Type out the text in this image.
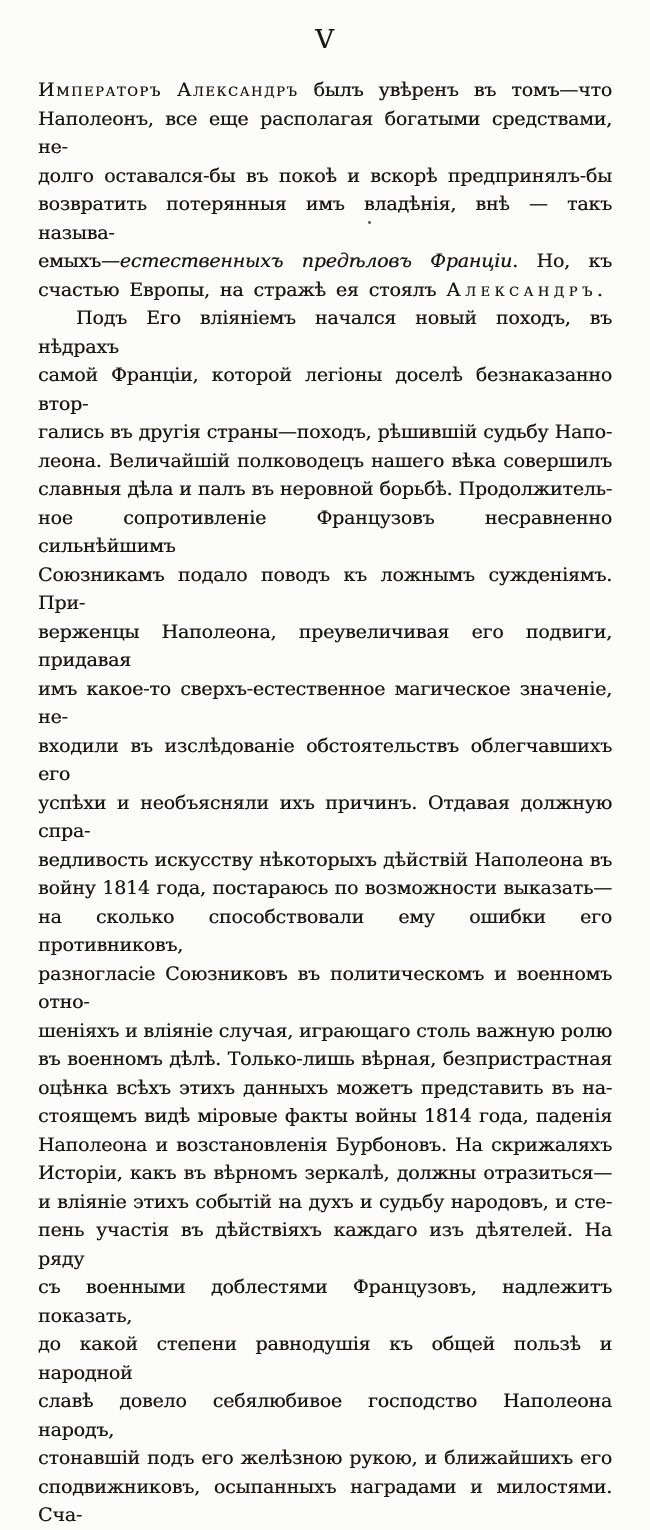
V
Императоръ Александръ былъ увѣренъ въ томъ—что
Наполеонъ, все еще располагая богатыми средствами, не-
долго оставался-бы въ покоѣ и вскорѣ предпринялъ-бы
возвратить потерянныя имъ владѣнія, внѣ — такъ называ-
емыхъ—естественныхъ предѣловъ Франціи. Но, къ
счастью Европы, на стражѣ ея стоялъ Александръ.
Подъ Его вліяніемъ начался новый походъ, въ нѣдрахъ
самой Франціи, которой легіоны доселѣ безнаказанно втор-
гались въ другія страны—походъ, рѣшившій судьбу Напо-
леона. Величайшій полководецъ нашего вѣка совершилъ
славныя дѣла и палъ въ неровной борьбѣ. Продолжитель-
ное сопротивленіе Французовъ несравненно сильнѣйшимъ
Союзникамъ подало поводъ къ ложнымъ сужденіямъ. При-
верженцы Наполеона, преувеличивая его подвиги, придавая
имъ какое-то сверхъ-естественное магическое значеніе, не-
входили въ изслѣдованіе обстоятельствъ облегчавшихъ его
успѣхи и необъясняли ихъ причинъ. Отдавая должную спра-
ведливость искусству нѣкоторыхъ дѣйствій Наполеона въ
войну 1814 года, постараюсь по возможности выказать—
на сколько способствовали ему ошибки его противниковъ,
разногласіе Союзниковъ въ политическомъ и военномъ отно-
шеніяхъ и вліяніе случая, играющаго столь важную ролю
въ военномъ дѣлѣ. Только-лишь вѣрная, безпристрастная
оцѣнка всѣхъ этихъ данныхъ можетъ представить въ на-
стоящемъ видѣ міровые факты войны 1814 года, паденія
Наполеона и возстановленія Бурбоновъ. На скрижаляхъ
Исторіи, какъ въ вѣрномъ зеркалѣ, должны отразиться—
и вліяніе этихъ событій на духъ и судьбу народовъ, и сте-
пень участія въ дѣйствіяхъ каждаго изъ дѣятелей. На ряду
съ военными доблестями Французовъ, надлежитъ показать,
до какой степени равнодушія къ общей пользѣ и народной
славѣ довело себялюбивое господство Наполеона народъ,
стонавшій подъ его желѣзною рукою, и ближайшихъ его
сподвижниковъ, осыпанныхъ наградами и милостями. Сча-
